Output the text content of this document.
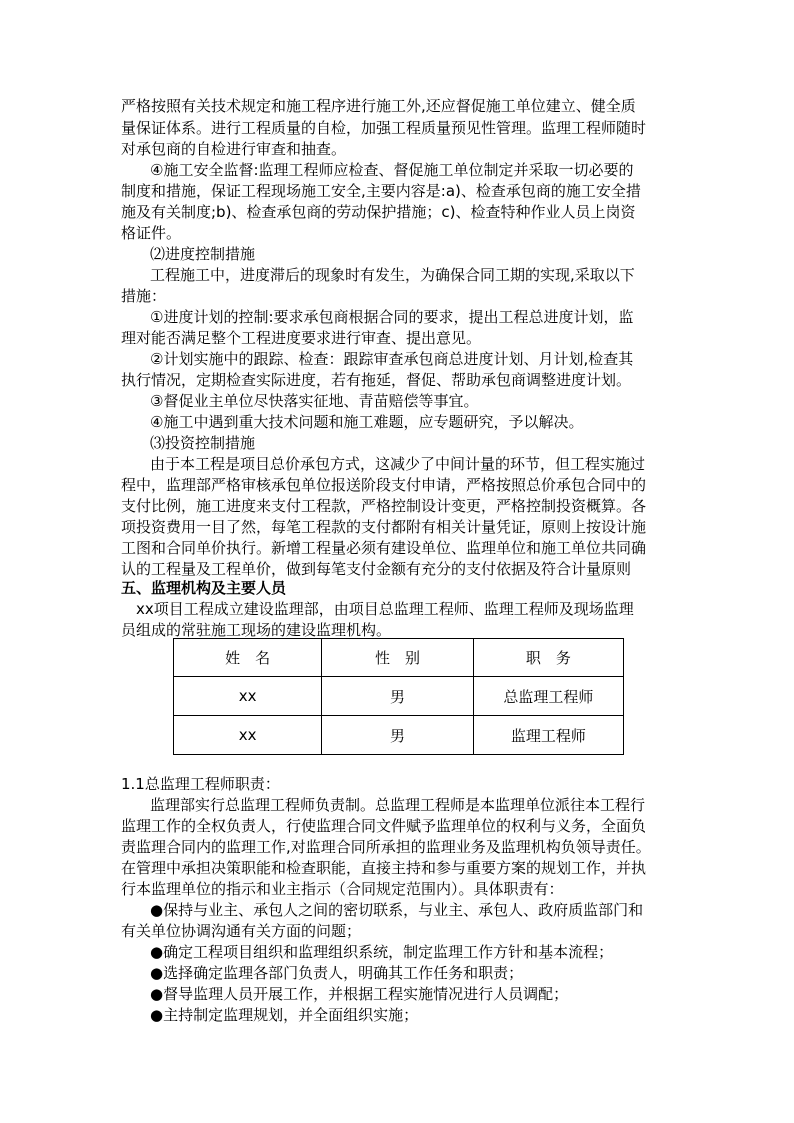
严格按照有关技术规定和施工程序进行施工外,还应督促施工单位建立、健全质
量保证体系。进行工程质量的自检，加强工程质量预见性管理。监理工程师随时
对承包商的自检进行审查和抽查。
④施工安全监督:监理工程师应检查、督促施工单位制定并采取一切必要的
制度和措施，保证工程现场施工安全,主要内容是:a)、检查承包商的施工安全措
施及有关制度;b)、检查承包商的劳动保护措施；c)、检查特种作业人员上岗资
格证件。
⑵进度控制措施
工程施工中，进度滞后的现象时有发生，为确保合同工期的实现,采取以下
措施：
①进度计划的控制:要求承包商根据合同的要求，提出工程总进度计划，监
理对能否满足整个工程进度要求进行审查、提出意见。
②计划实施中的跟踪、检查：跟踪审查承包商总进度计划、月计划,检查其
执行情况，定期检查实际进度，若有拖延，督促、帮助承包商调整进度计划。
③督促业主单位尽快落实征地、青苗赔偿等事宜。
④施工中遇到重大技术问题和施工难题，应专题研究，予以解决。
⑶投资控制措施
由于本工程是项目总价承包方式，这减少了中间计量的环节，但工程实施过
程中，监理部严格审核承包单位报送阶段支付申请，严格按照总价承包合同中的
支付比例，施工进度来支付工程款，严格控制设计变更，严格控制投资概算。各
项投资费用一目了然，每笔工程款的支付都附有相关计量凭证，原则上按设计施
工图和合同单价执行。新增工程量必须有建设单位、监理单位和施工单位共同确
认的工程量及工程单价，做到每笔支付金额有充分的支付依据及符合计量原则
五、监理机构及主要人员
xx项目工程成立建设监理部，由项目总监理工程师、监理工程师及现场监理
员组成的常驻施工现场的建设监理机构。
姓　名	性　别	职　务
xx	男	总监理工程师
xx	男	监理工程师
1.1总监理工程师职责：
监理部实行总监理工程师负责制。总监理工程师是本监理单位派往本工程行
监理工作的全权负责人，行使监理合同文件赋予监理单位的权利与义务，全面负
责监理合同内的监理工作,对监理合同所承担的监理业务及监理机构负领导责任。
在管理中承担决策职能和检查职能，直接主持和参与重要方案的规划工作，并执
行本监理单位的指示和业主指示（合同规定范围内）。具体职责有：
●保持与业主、承包人之间的密切联系，与业主、承包人、政府质监部门和
有关单位协调沟通有关方面的问题；
●确定工程项目组织和监理组织系统，制定监理工作方针和基本流程；
●选择确定监理各部门负责人，明确其工作任务和职责；
●督导监理人员开展工作，并根据工程实施情况进行人员调配；
●主持制定监理规划，并全面组织实施；
